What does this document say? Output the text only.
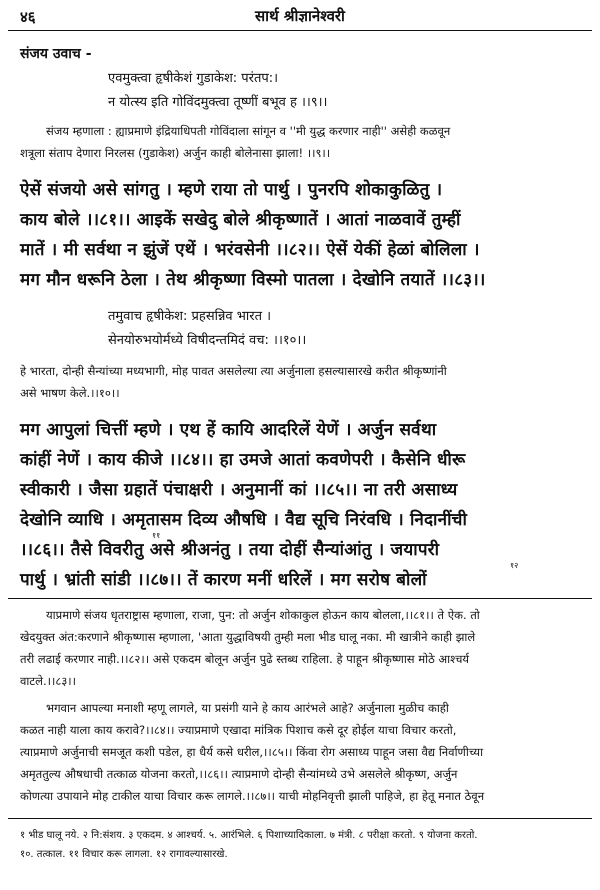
४६	सार्थ श्रीज्ञानेश्वरी
संजय उवाच -
एवमुक्त्वा हृषीकेशं गुडाकेश: परंतप:।
न योत्स्य इति गोविंदमुक्त्वा तूष्णीं बभूव ह ।।९।।
संजय म्हणाला : ह्याप्रमाणे इंद्रियाधिपती गोविंदाला सांगून व ''मी युद्ध करणार नाही'' असेही कळवून
शत्रूला संताप देणारा निरलस (गुडाकेश) अर्जुन काही बोलेनासा झाला! ।।९।।
ऐसें संजयो असे सांगतु । म्हणे राया तो पार्थु । पुनरपि शोकाकुळितु ।
काय बोले ।।८१।। आइकें सखेदु बोले श्रीकृष्णातें । आतां नाळवावें तुम्हीं
मातें । मी सर्वथा न झुंजें एथें । भरंवसेनी ।।८२।। ऐसें येकीं हेळां बोलिला ।
मग मौन धरूनि ठेला । तेथ श्रीकृष्णा विस्मो पातला । देखोनि तयातें ।।८३।।
तमुवाच हृषीकेश: प्रहसन्निव भारत ।
सेनयोरुभयोर्मध्ये विषीदन्तमिदं वच: ।।१०।।
हे भारता, दोन्ही सैन्यांच्या मध्यभागी, मोह पावत असलेल्या त्या अर्जुनाला हसल्यासारखे करीत श्रीकृष्णांनी
असे भाषण केले.।।१०।।
मग आपुलां चित्तीं म्हणे । एथ हें कायि आदरिलें येणें । अर्जुन सर्वथा
कांहीं नेणें । काय कीजे ।।८४।। हा उमजे आतां कवणेपरी । कैसेनि धीरू
स्वीकारी । जैसा ग्रहातें पंचाक्षरी । अनुमानीं कां ।।८५।। ना तरी असाध्य
देखोनि व्याधि । अमृतासम दिव्य औषधि । वैद्य सूचि निरंवधि । निदानींची
।।८६।। तैसे विवरीतु असे श्रीअनंतु । तया दोहीं सैन्यांआंतु । जयापरी
पार्थु । भ्रांती सांडी ।।८७।। तें कारण मनीं धरिलें । मग सरोष बोलों
११
१२
याप्रमाणे संजय धृतराष्ट्रास म्हणाला, राजा, पुन: तो अर्जुन शोकाकुल होऊन काय बोलला,।।८१।। ते ऐक. तो
खेदयुक्त अंत:करणाने श्रीकृष्णास म्हणाला, 'आता युद्धाविषयी तुम्ही मला भीड घालू नका. मी खात्रीने काही झाले
तरी लढाई करणार नाही.।।८२।। असे एकदम बोलून अर्जुन पुढे स्तब्ध राहिला. हे पाहून श्रीकृष्णास मोठे आश्चर्य
वाटले.।।८३।।
भगवान आपल्या मनाशी म्हणू लागले, या प्रसंगी याने हे काय आरंभले आहे? अर्जुनाला मुळीच काही
कळत नाही याला काय करावे?।।८४।। ज्याप्रमाणे एखादा मांत्रिक पिशाच कसे दूर होईल याचा विचार करतो,
त्याप्रमाणे अर्जुनाची समजूत कशी पडेल, हा धैर्य कसे धरील,।।८५।। किंवा रोग असाध्य पाहून जसा वैद्य निर्वाणीच्या
अमृततुल्य औषधाची तत्काळ योजना करतो,।।८६।। त्याप्रमाणे दोन्ही सैन्यांमध्ये उभे असलेले श्रीकृष्ण, अर्जुन
कोणत्या उपायाने मोह टाकील याचा विचार करू लागले.।।८७।। याची मोहनिवृत्ती झाली पाहिजे, हा हेतू मनात ठेवून
१ भीड घालू नये. २ नि:संशय. ३ एकदम. ४ आश्चर्य. ५. आरंभिले. ६ पिशाच्यादिकाला. ७ मंत्री. ८ परीक्षा करतो. ९ योजना करतो.
१०. तत्काल. ११ विचार करू लागला. १२ रागावल्यासारखे.
